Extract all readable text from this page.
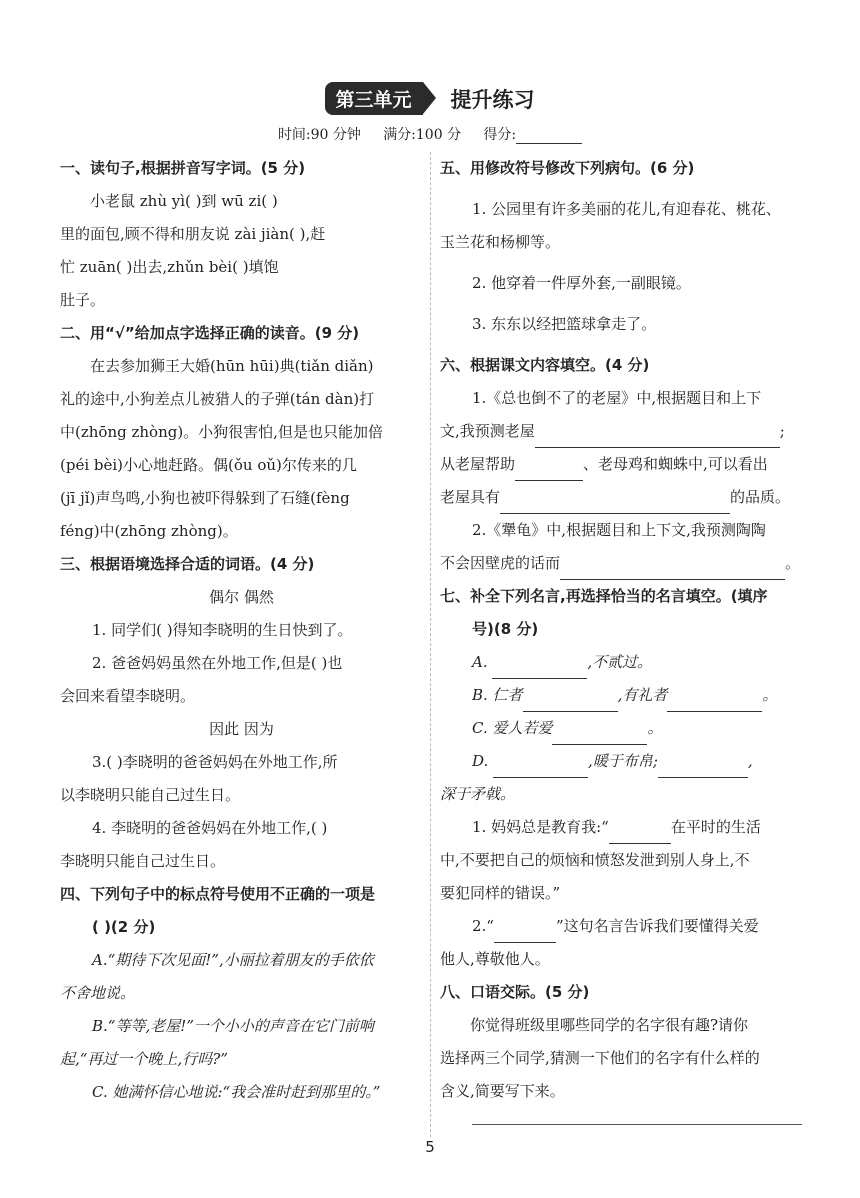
第三单元 提升练习
时间:90 分钟 满分:100 分 得分:
一、读句子,根据拼音写字词。(5 分)
小老鼠 zhù yì( )到 wū zi( )
里的面包,顾不得和朋友说 zài jiàn( ),赶
忙 zuān( )出去,zhǔn bèi( )填饱
肚子。
二、用“√”给加点字选择正确的读音。(9 分)
在去参加狮王大婚(hūn hūi)典(tiǎn diǎn)
礼的途中,小狗差点儿被猎人的子弹(tán dàn)打
中(zhōng zhòng)。小狗很害怕,但是也只能加倍
(péi bèi)小心地赶路。偶(ǒu oǔ)尔传来的几
(jī jǐ)声鸟鸣,小狗也被吓得躲到了石缝(fèng
féng)中(zhōng zhòng)。
三、根据语境选择合适的词语。(4 分)
偶尔 偶然
1. 同学们( )得知李晓明的生日快到了。
2. 爸爸妈妈虽然在外地工作,但是( )也
会回来看望李晓明。
因此 因为
3.( )李晓明的爸爸妈妈在外地工作,所
以李晓明只能自己过生日。
4. 李晓明的爸爸妈妈在外地工作,( )
李晓明只能自己过生日。
四、下列句子中的标点符号使用不正确的一项是
( )(2 分)
A.“期待下次见面!”,小丽拉着朋友的手依依
不舍地说。
B.“等等,老屋!”一个小小的声音在它门前响
起,“再过一个晚上,行吗?”
C. 她满怀信心地说:“我会准时赶到那里的。”
五、用修改符号修改下列病句。(6 分)
1. 公园里有许多美丽的花儿,有迎春花、桃花、
玉兰花和杨柳等。
2. 他穿着一件厚外套,一副眼镜。
3. 东东以经把篮球拿走了。
六、根据课文内容填空。(4 分)
1.《总也倒不了的老屋》中,根据题目和上下
文,我预测老屋	;
从老屋帮助	、老母鸡和蜘蛛中,可以看出
老屋具有	的品质。
2.《犟龟》中,根据题目和上下文,我预测陶陶
不会因壁虎的话而	。
七、补全下列名言,再选择恰当的名言填空。(填序
号)(8 分)
A.	,不贰过。
B. 仁者	,有礼者	。
C. 爱人若爱	。
D.	,暖于布帛;	,
深于矛戟。
1. 妈妈总是教育我:“	在平时的生活
中,不要把自己的烦恼和愤怒发泄到别人身上,不
要犯同样的错误。”
2.“	”这句名言告诉我们要懂得关爱
他人,尊敬他人。
八、口语交际。(5 分)
你觉得班级里哪些同学的名字很有趣?请你
选择两三个同学,猜测一下他们的名字有什么样的
含义,简要写下来。
5
